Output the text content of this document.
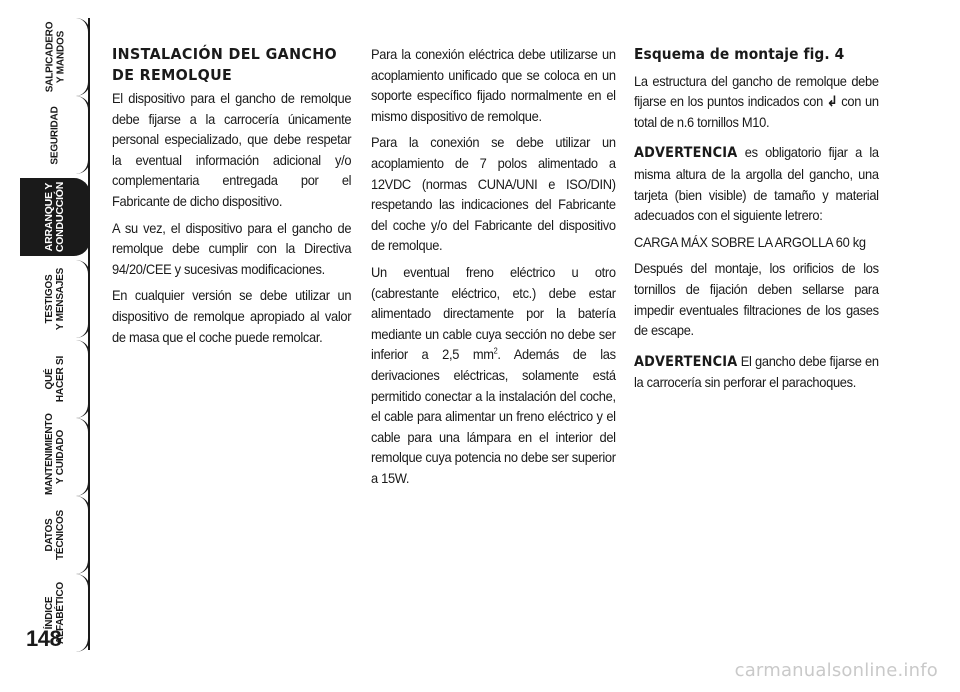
SALPICADERO
Y MANDOS
SEGURIDAD
ARRANQUE Y
CONDUCCIÓN
TESTIGOS
Y MENSAJES
QUÉ
HACER SI
MANTENIMIENTO
Y CUIDADO
DATOS
TÉCNICOS
ÍNDICE
ALFABÉTICO
148
INSTALACIÓN DEL GANCHO
DE REMOLQUE

El dispositivo para el gancho de remolque debe fijarse a la carrocería únicamente personal especializado, que debe respetar la eventual información adicional y/o complementaria entregada por el Fabricante de dicho dispositivo.

A su vez, el dispositivo para el gancho de remolque debe cumplir con la Directiva 94/20/CEE y sucesivas modificaciones.

En cualquier versión se debe utilizar un dispositivo de remolque apropiado al valor de masa que el coche puede remolcar.

Para la conexión eléctrica debe utilizarse un acoplamiento unificado que se coloca en un soporte específico fijado normalmente en el mismo dispositivo de remolque.

Para la conexión se debe utilizar un acoplamiento de 7 polos alimentado a 12VDC (normas CUNA/UNI e ISO/DIN) respetando las indicaciones del Fabricante del coche y/o del Fabricante del dispositivo de remolque.

Un eventual freno eléctrico u otro (cabrestante eléctrico, etc.) debe estar alimentado directamente por la batería mediante un cable cuya sección no debe ser inferior a 2,5 $mm^2$. Además de las derivaciones eléctricas, solamente está permitido conectar a la instalación del coche, el cable para alimentar un freno eléctrico y el cable para una lámpara en el interior del remolque cuya potencia no debe ser superior a 15W.

Esquema de montaje fig. 4

La estructura del gancho de remolque debe fijarse en los puntos indicados con ↲ con un total de n.6 tornillos M10.

ADVERTENCIA es obligatorio fijar a la misma altura de la argolla del gancho, una tarjeta (bien visible) de tamaño y material adecuados con el siguiente letrero:

CARGA MÁX SOBRE LA ARGOLLA 60 kg

Después del montaje, los orificios de los tornillos de fijación deben sellarse para impedir eventuales filtraciones de los gases de escape.

ADVERTENCIA El gancho debe fijarse en la carrocería sin perforar el parachoques.

carmanualsonline.info
